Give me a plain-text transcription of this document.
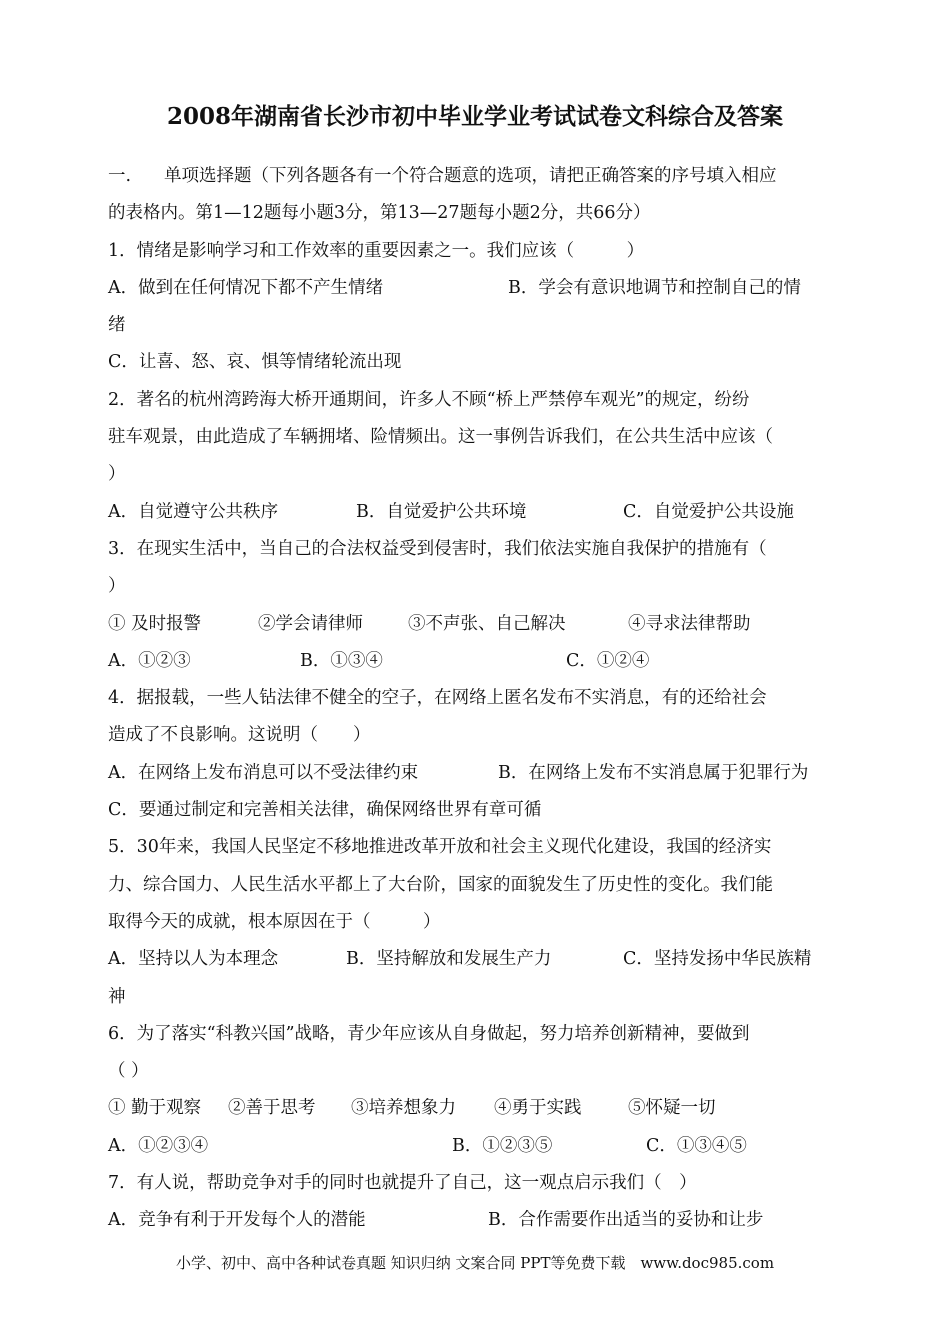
2008年湖南省长沙市初中毕业学业考试试卷文科综合及答案
一. 单项选择题（下列各题各有一个符合题意的选项，请把正确答案的序号填入相应
的表格内。第1—12题每小题3分，第13—27题每小题2分，共66分）
1．情绪是影响学习和工作效率的重要因素之一。我们应该（　　　）
A．做到在任何情况下都不产生情绪	B．学会有意识地调节和控制自己的情
绪
C．让喜、怒、哀、惧等情绪轮流出现
2．著名的杭州湾跨海大桥开通期间，许多人不顾“桥上严禁停车观光”的规定，纷纷
驻车观景，由此造成了车辆拥堵、险情频出。这一事例告诉我们，在公共生活中应该（
）
A．自觉遵守公共秩序	B．自觉爱护公共环境	C．自觉爱护公共设施
3．在现实生活中，当自己的合法权益受到侵害时，我们依法实施自我保护的措施有（
）
① 及时报警	②学会请律师	③不声张、自己解决	④寻求法律帮助
A．①②③	B．①③④	C．①②④
4．据报载，一些人钻法律不健全的空子，在网络上匿名发布不实消息，有的还给社会
造成了不良影响。这说明（　　）
A．在网络上发布消息可以不受法律约束	B．在网络上发布不实消息属于犯罪行为
C．要通过制定和完善相关法律，确保网络世界有章可循
5．30年来，我国人民坚定不移地推进改革开放和社会主义现代化建设，我国的经济实
力、综合国力、人民生活水平都上了大台阶，国家的面貌发生了历史性的变化。我们能
取得今天的成就，根本原因在于（　　　）
A．坚持以人为本理念	B．坚持解放和发展生产力	C．坚持发扬中华民族精
神
6．为了落实“科教兴国”战略，青少年应该从自身做起，努力培养创新精神，要做到
（ ）
① 勤于观察 ②善于思考 ③培养想象力 ④勇于实践	⑤怀疑一切
A．①②③④	B．①②③⑤	C．①③④⑤
7．有人说，帮助竞争对手的同时也就提升了自己，这一观点启示我们（　）
A．竞争有利于开发每个人的潜能	B．合作需要作出适当的妥协和让步
小学、初中、高中各种试卷真题 知识归纳 文案合同 PPT等免费下载　www.doc985.com
